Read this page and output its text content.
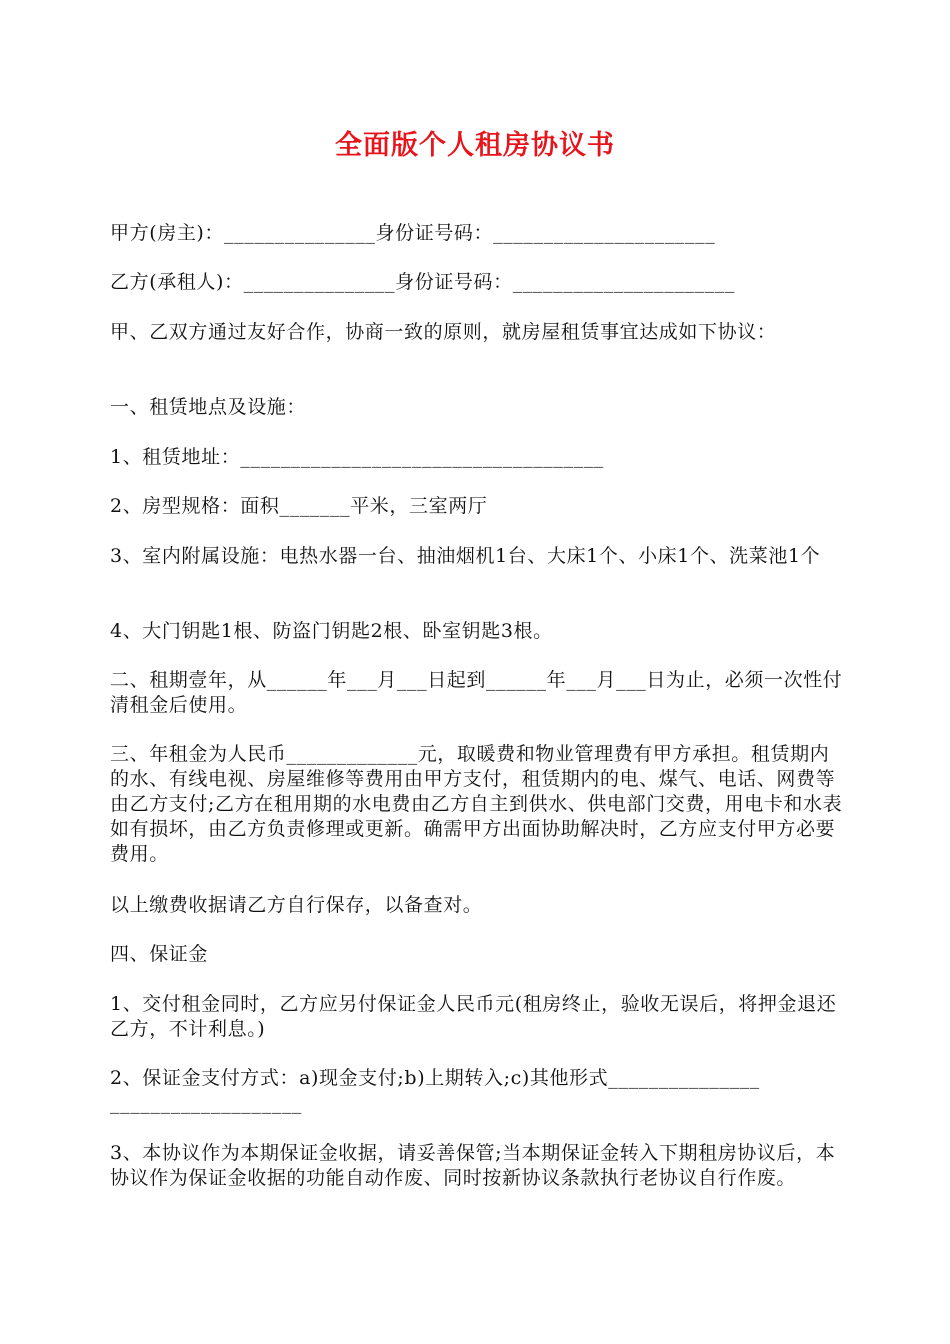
全面版个人租房协议书

甲方(房主)：_______________身份证号码：______________________

乙方(承租人)：_______________身份证号码：______________________

甲、乙双方通过友好合作，协商一致的原则，就房屋租赁事宜达成如下协议：

一、租赁地点及设施：

1、租赁地址：____________________________________

2、房型规格：面积_______平米，三室两厅

3、室内附属设施：电热水器一台、抽油烟机1台、大床1个、小床1个、洗菜池1个

4、大门钥匙1根、防盗门钥匙2根、卧室钥匙3根。

二、租期壹年，从______年___月___日起到______年___月___日为止，必须一次性付清租金后使用。

三、年租金为人民币_____________元，取暖费和物业管理费有甲方承担。租赁期内的水、有线电视、房屋维修等费用由甲方支付，租赁期内的电、煤气、电话、网费等由乙方支付;乙方在租用期的水电费由乙方自主到供水、供电部门交费，用电卡和水表如有损坏，由乙方负责修理或更新。确需甲方出面协助解决时，乙方应支付甲方必要费用。

以上缴费收据请乙方自行保存，以备查对。

四、保证金

1、交付租金同时，乙方应另付保证金人民币元(租房终止，验收无误后，将押金退还乙方，不计利息。)

2、保证金支付方式：a)现金支付;b)上期转入;c)其他形式_______________
___________________

3、本协议作为本期保证金收据，请妥善保管;当本期保证金转入下期租房协议后，本协议作为保证金收据的功能自动作废、同时按新协议条款执行老协议自行作废。
